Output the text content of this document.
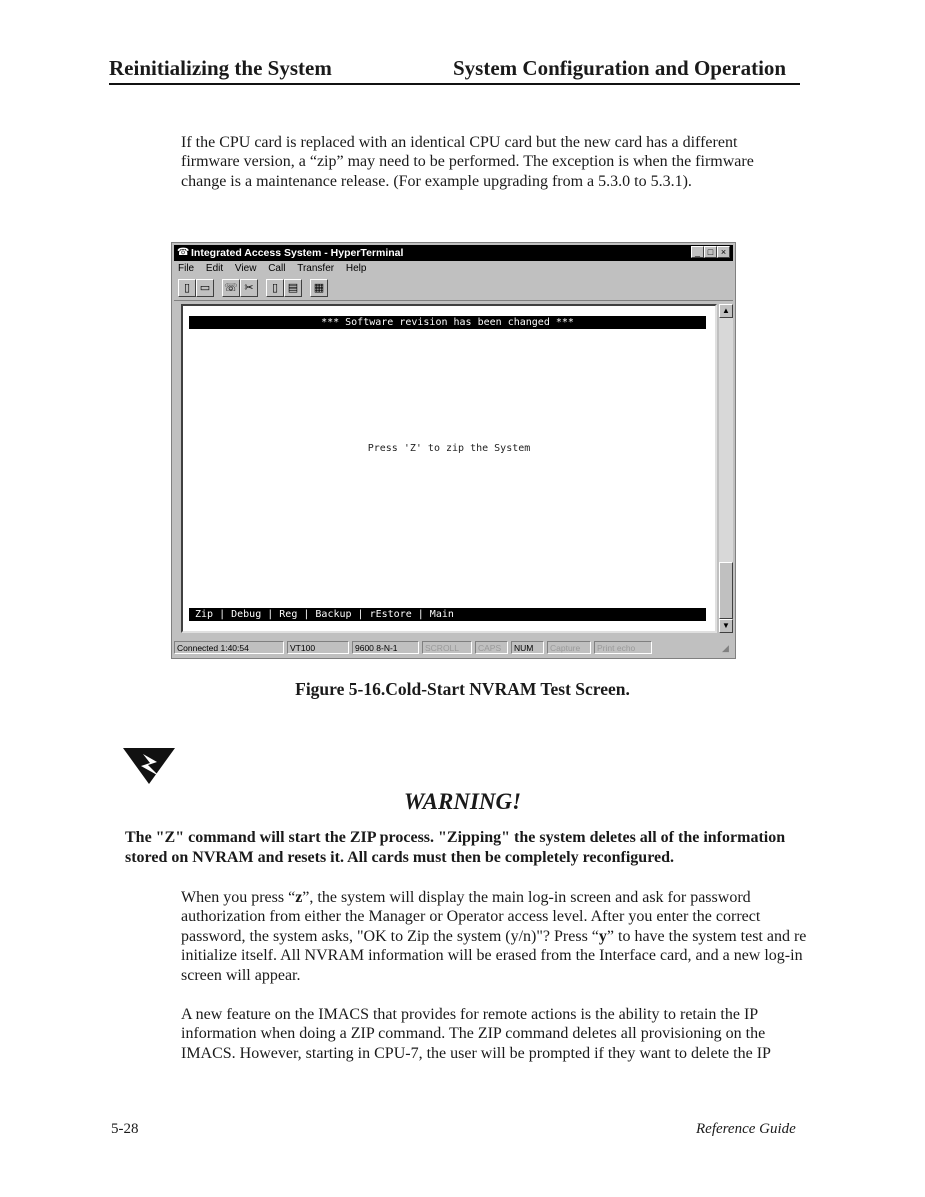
Reinitializing the System	System Configuration and Operation
If the CPU card is replaced with an identical CPU card but the new card has a different firmware version, a “zip” may need to be performed. The exception is when the firmware change is a maintenance release. (For example upgrading from a 5.3.0 to 5.3.1).
☎ Integrated Access System - HyperTerminal	_ □ ×
File Edit View Call Transfer Help
▯ ▭	☏ ✂	▯ ▤	▦
*** Software revision has been changed ***
Press 'Z' to zip the System
Zip | Debug | Reg | Backup | rEstore | Main
▲
▼
Connected 1:40:54	VT100	9600 8-N-1	SCROLL	CAPS	NUM	Capture	Print echo	◢
Figure 5-16.Cold-Start NVRAM Test Screen.
WARNING!
The "Z" command will start the ZIP process. "Zipping" the system deletes all of the information stored on NVRAM and resets it. All cards must then be completely reconfigured.
When you press “z”, the system will display the main log-in screen and ask for password authorization from either the Manager or Operator access level. After you enter the correct password, the system asks, "OK to Zip the system (y/n)"? Press “y” to have the system test and re initialize itself. All NVRAM information will be erased from the Interface card, and a new log-in screen will appear.
A new feature on the IMACS that provides for remote actions is the ability to retain the IP information when doing a ZIP command. The ZIP command deletes all provisioning on the IMACS. However, starting in CPU-7, the user will be prompted if they want to delete the IP
5-28	Reference Guide
